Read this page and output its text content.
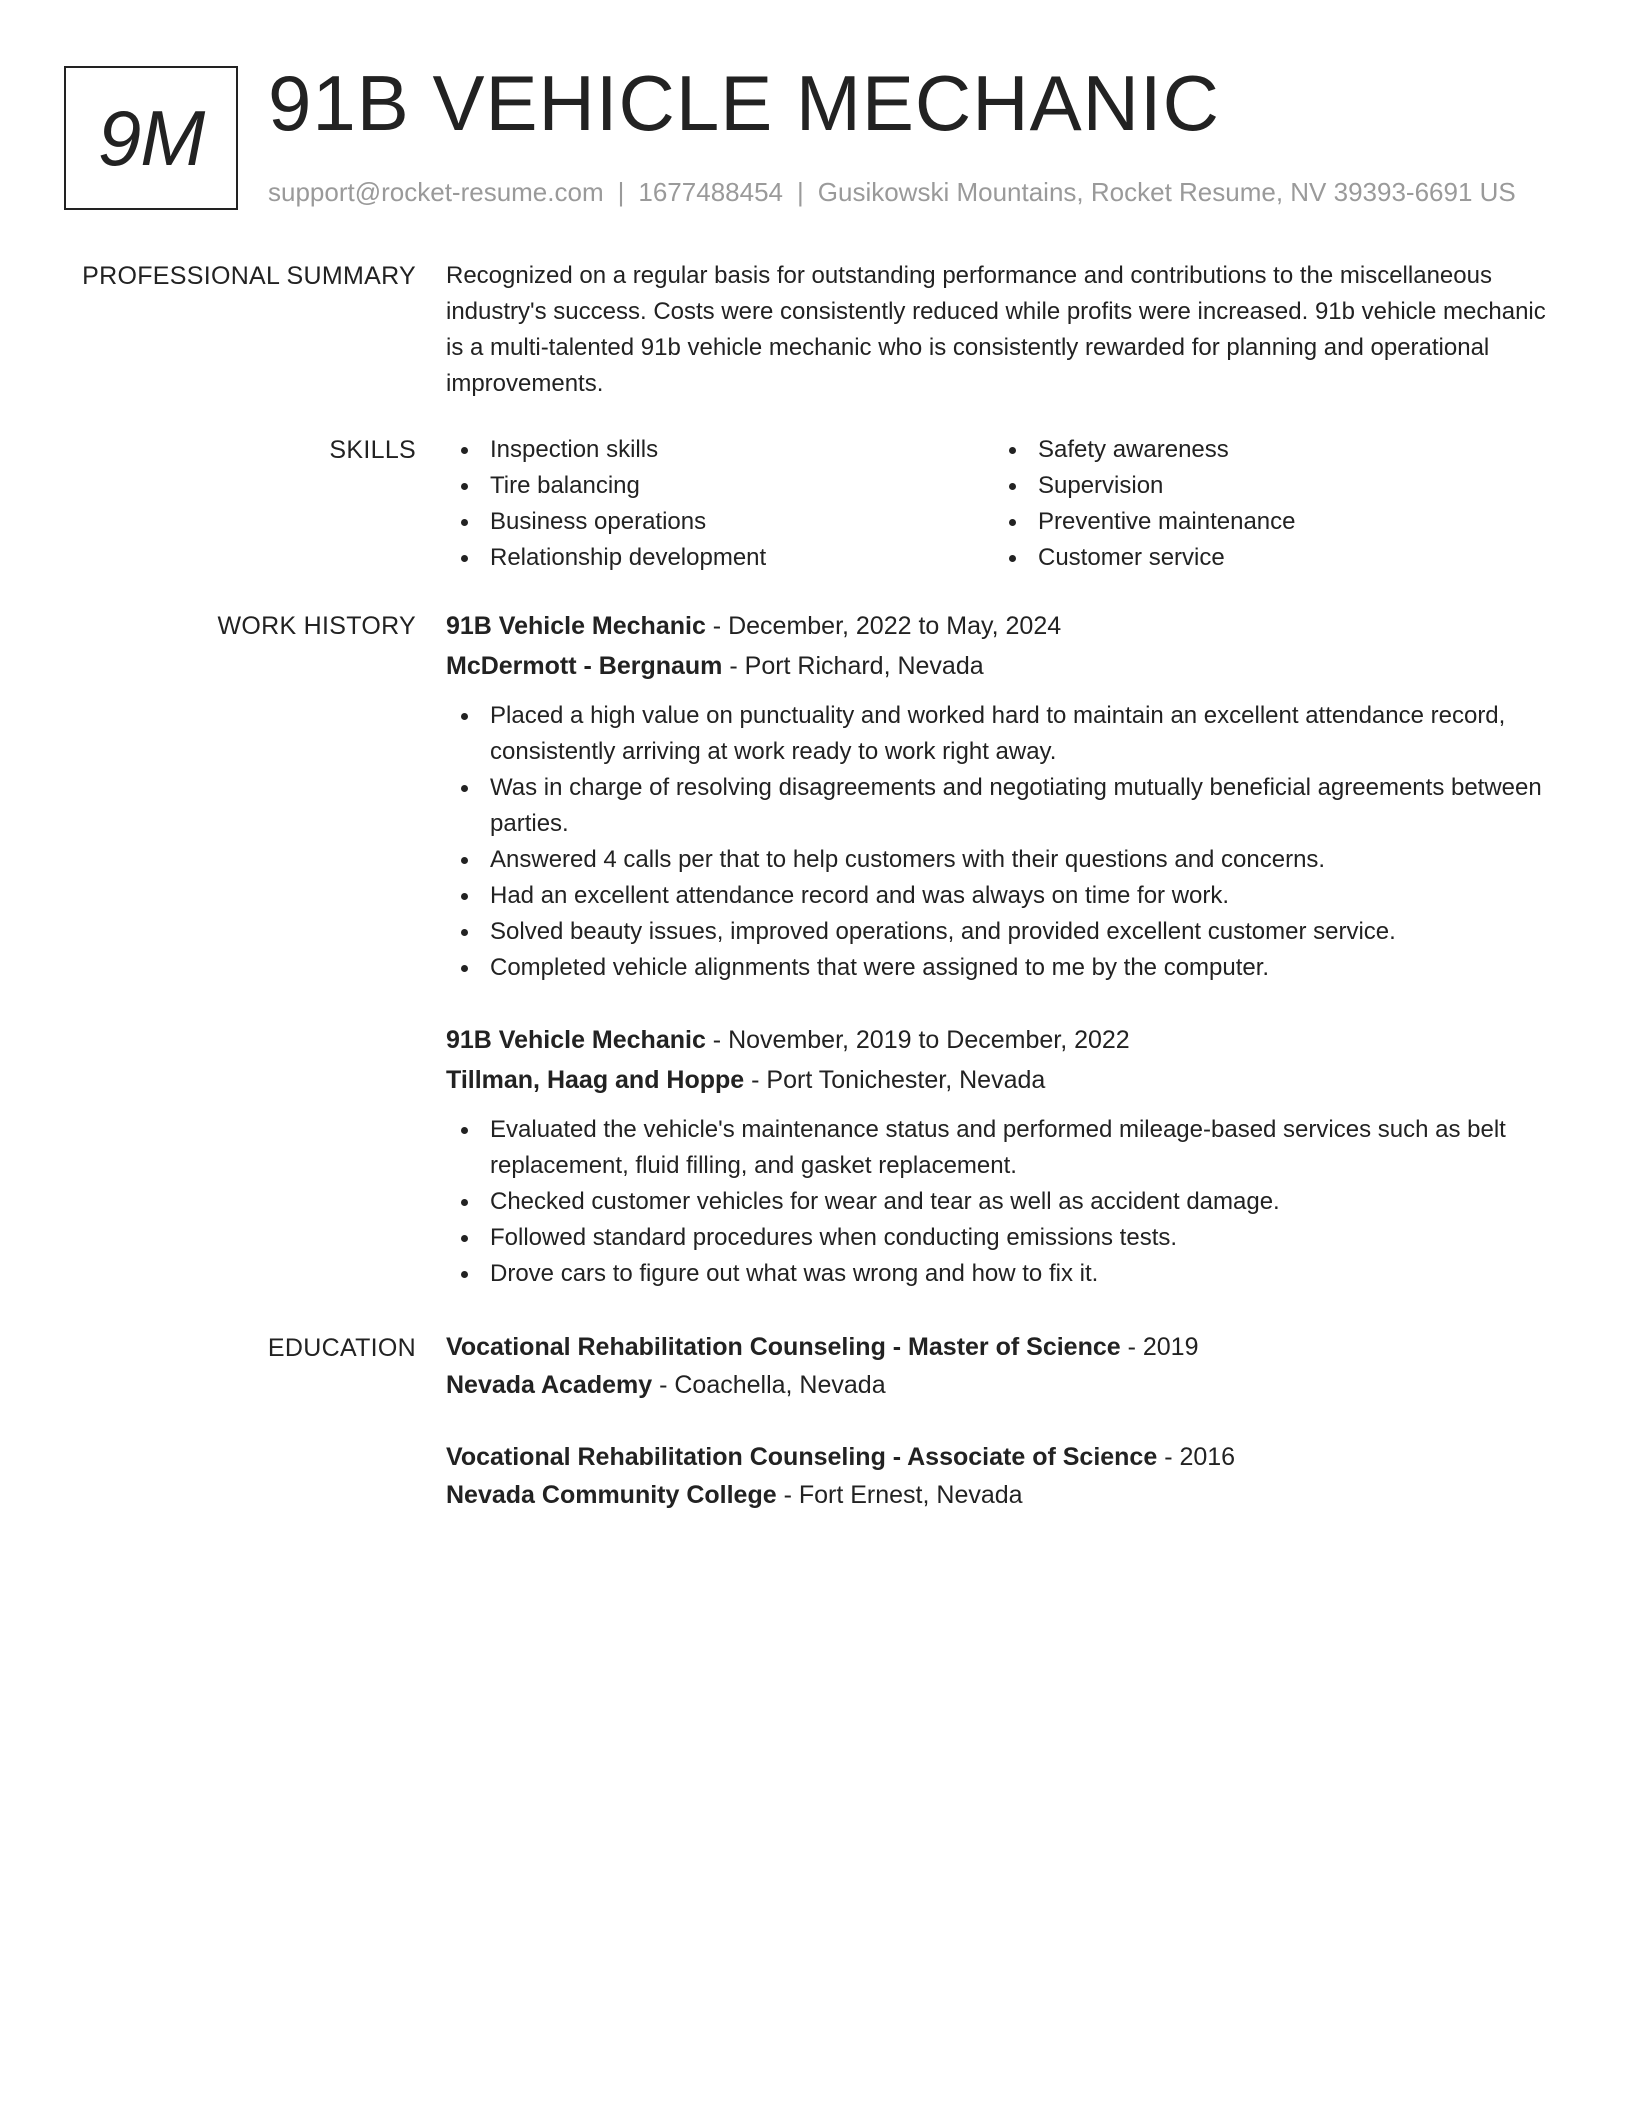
9M 91B VEHICLE MECHANIC
support@rocket-resume.com | 1677488454 | Gusikowski Mountains, Rocket Resume, NV 39393-6691 US
PROFESSIONAL SUMMARY Recognized on a regular basis for outstanding performance and contributions to the miscellaneous industry's success. Costs were consistently reduced while profits were increased. 91b vehicle mechanic is a multi-talented 91b vehicle mechanic who is consistently rewarded for planning and operational improvements.

SKILLS	Inspection skills
Tire balancing
Business operations
Relationship development
Safety awareness
Supervision
Preventive maintenance
Customer service
WORK HISTORY 91B Vehicle Mechanic - December, 2022 to May, 2024
McDermott - Bergnaum - Port Richard, Nevada
Placed a high value on punctuality and worked hard to maintain an excellent attendance record, consistently arriving at work ready to work right away.
Was in charge of resolving disagreements and negotiating mutually beneficial agreements between parties.
Answered 4 calls per that to help customers with their questions and concerns.
Had an excellent attendance record and was always on time for work.
Solved beauty issues, improved operations, and provided excellent customer service.
Completed vehicle alignments that were assigned to me by the computer.
91B Vehicle Mechanic - November, 2019 to December, 2022
Tillman, Haag and Hoppe - Port Tonichester, Nevada
Evaluated the vehicle's maintenance status and performed mileage-based services such as belt replacement, fluid filling, and gasket replacement.
Checked customer vehicles for wear and tear as well as accident damage.
Followed standard procedures when conducting emissions tests.
Drove cars to figure out what was wrong and how to fix it.
EDUCATION Vocational Rehabilitation Counseling - Master of Science - 2019
Nevada Academy - Coachella, Nevada
Vocational Rehabilitation Counseling - Associate of Science - 2016
Nevada Community College - Fort Ernest, Nevada
